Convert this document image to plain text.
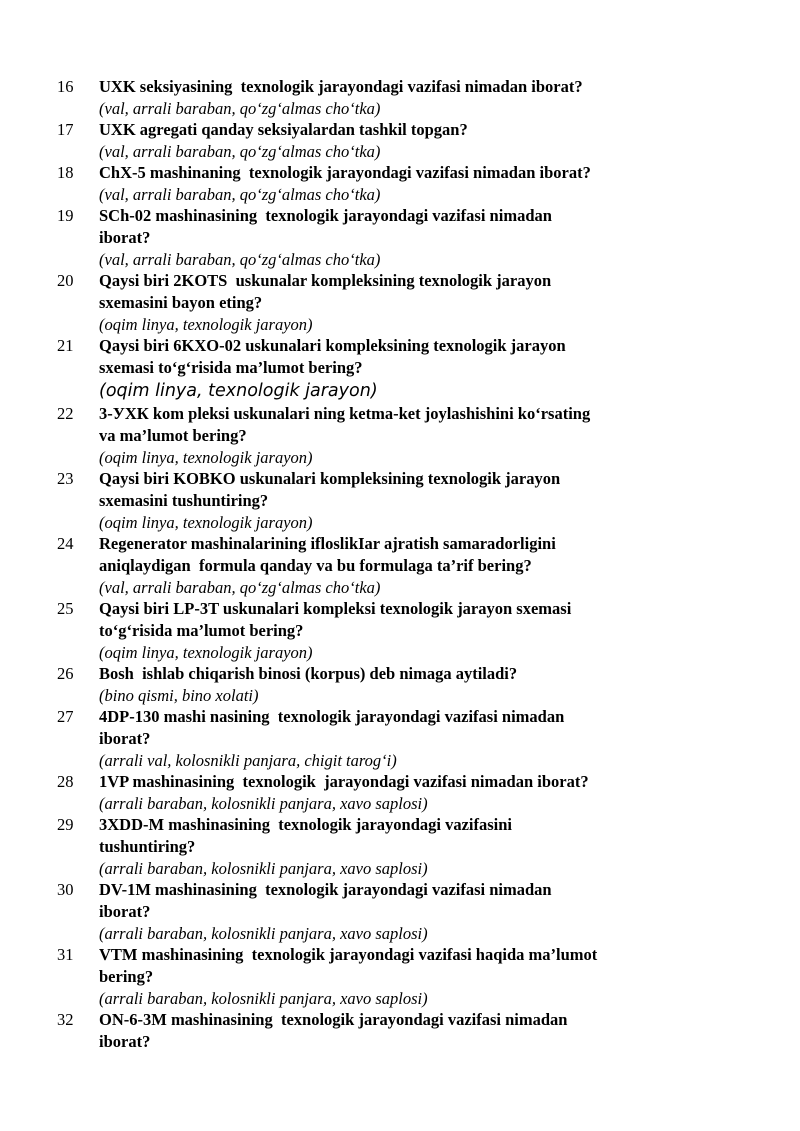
16 UXK seksiyasining  texnologik jarayondagi vazifasi nimadan iborat?
(val, arrali baraban, qo‘zg‘almas cho‘tka)
17 UXK agregati qanday seksiyalardan tashkil topgan?
(val, arrali baraban, qo‘zg‘almas cho‘tka)
18 ChX-5 mashinaning  texnologik jarayondagi vazifasi nimadan iborat?
(val, arrali baraban, qo‘zg‘almas cho‘tka)
19 SCh-02 mashinasining  texnologik jarayondagi vazifasi nimadan
iborat?
(val, arrali baraban, qo‘zg‘almas cho‘tka)
20 Qaysi biri 2KOTS  uskunalar kompleksining texnologik jarayon
sxemasini bayon eting?
(oqim linya, texnologik jarayon)
21 Qaysi biri 6KXO-02 uskunalari kompleksining texnologik jarayon
sxemasi to‘g‘risida ma’lumot bering?
(oqim linya, texnologik jarayon)
22 3-УХК kom pleksi uskunalari ning ketma-ket joylashishini ko‘rsating
va ma’lumot bering?
(oqim linya, texnologik jarayon)
23 Qaysi biri KOBKO uskunalari kompleksining texnologik jarayon
sxemasini tushuntiring?
(oqim linya, texnologik jarayon)
24 Regenerator mashinalarining ifloslikIar ajratish samaradorligini
aniqlaydigan  formula qanday va bu formulaga ta’rif bering?
(val, arrali baraban, qo‘zg‘almas cho‘tka)
25 Qaysi biri LP-3T uskunalari kompleksi texnologik jarayon sxemasi
to‘g‘risida ma’lumot bering?
(oqim linya, texnologik jarayon)
26 Bosh  ishlab chiqarish binosi (korpus) deb nimaga aytiladi?
(bino qismi, bino xolati)
27 4DP-130 mashi nasining  texnologik jarayondagi vazifasi nimadan
iborat?
(arrali val, kolosnikli panjara, chigit tarog‘i)
28 1VP mashinasining  texnologik  jarayondagi vazifasi nimadan iborat?
(arrali baraban, kolosnikli panjara, xavo saplosi)
29 3XDD-M mashinasining  texnologik jarayondagi vazifasini
tushuntiring?
(arrali baraban, kolosnikli panjara, xavo saplosi)
30 DV-1M mashinasining  texnologik jarayondagi vazifasi nimadan
iborat?
(arrali baraban, kolosnikli panjara, xavo saplosi)
31 VTM mashinasining  texnologik jarayondagi vazifasi haqida ma’lumot
bering?
(arrali baraban, kolosnikli panjara, xavo saplosi)
32 ON-6-3M mashinasining  texnologik jarayondagi vazifasi nimadan
iborat?
